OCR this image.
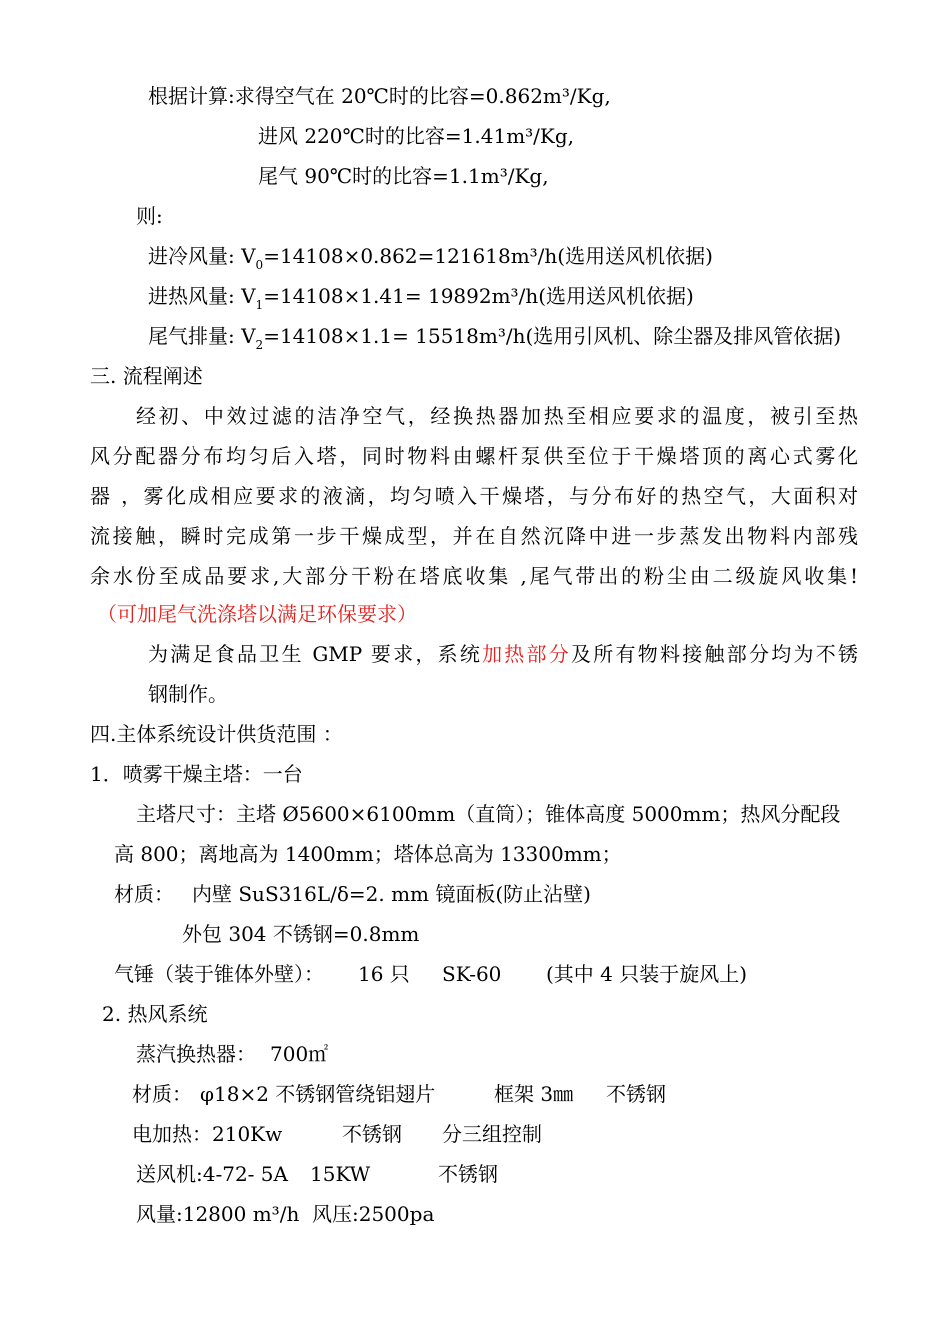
根据计算:求得空气在 20℃时的比容=0.862m³/Kg,
进风 220℃时的比容=1.41m³/Kg,
尾气 90℃时的比容=1.1m³/Kg,
则:
进冷风量: $V_0=14108\times 0.862=121618m^3/h$(选用送风机依据)
进热风量: $V_1=14108\times 1.41= 19892m^3/h$(选用送风机依据)
尾气排量: $V_2=14108\times 1.1= 15518m^3/h$(选用引风机、除尘器及排风管依据)
三. 流程阐述
经初、中效过滤的洁净空气，经换热器加热至相应要求的温度，被引至热
风分配器分布均匀后入塔，同时物料由螺杆泵供至位于干燥塔顶的离心式雾化
器 ，雾化成相应要求的液滴，均匀喷入干燥塔，与分布好的热空气，大面积对
流接触，瞬时完成第一步干燥成型，并在自然沉降中进一步蒸发出物料内部残
余水份至成品要求,大部分干粉在塔底收集 ,尾气带出的粉尘由二级旋风收集!
（可加尾气洗涤塔以满足环保要求）
为满足食品卫生 GMP 要求，系统加热部分及所有物料接触部分均为不锈
钢制作。
四.主体系统设计供货范围 ：
1．喷雾干燥主塔：一台
主塔尺寸：主塔 Ø5600×6100mm（直筒）；锥体高度 5000mm；热风分配段
高 800；离地高为 1400mm；塔体总高为 13300mm；
材质： 内壁 SuS316L/δ=2. mm 镜面板(防止沾壁)
外包 304 不锈钢=0.8mm
气锤（装于锥体外壁）： 16 只 SK-60 (其中 4 只装于旋风上)
2. 热风系统
蒸汽换热器： 700㎡
材质： φ18×2 不锈钢管绕铝翅片	框架 3㎜ 不锈钢
电加热：210Kw	不锈钢 分三组控制
送风机:4-72- 5A 15KW	不锈钢
风量:12800 m³/h 风压:2500pa
